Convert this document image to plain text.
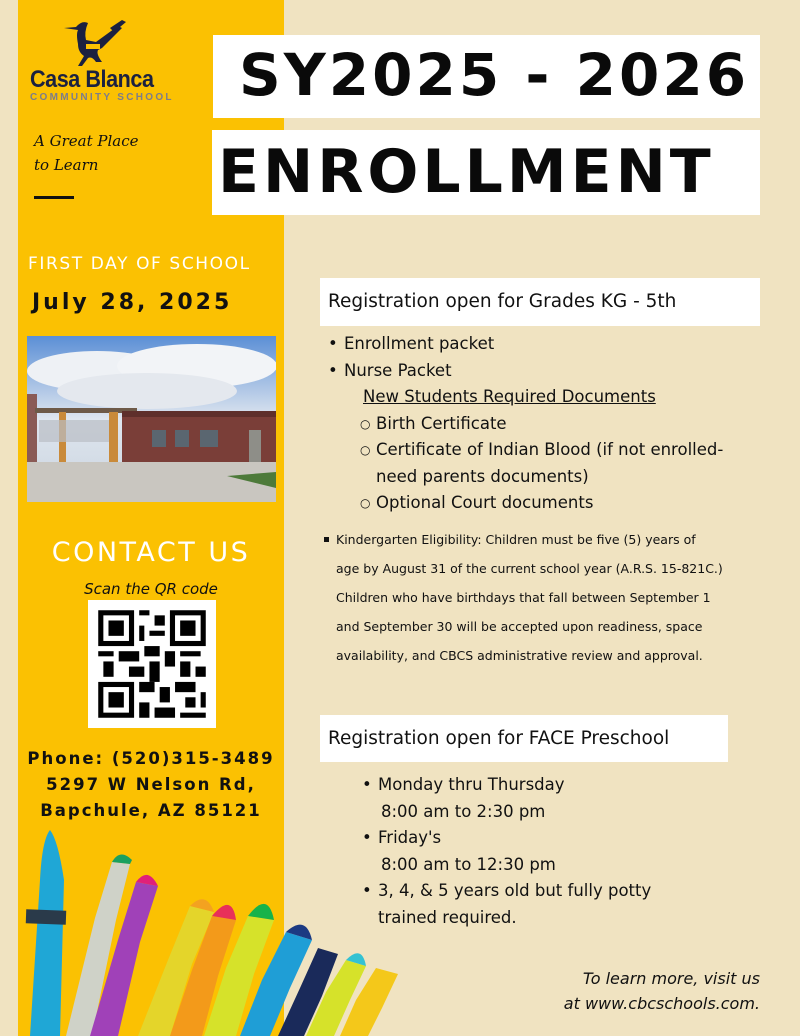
Casa Blanca
COMMUNITY SCHOOL
A Great Place
to Learn
FIRST DAY OF SCHOOL
July 28, 2025
CONTACT US
Scan the QR code
Phone: (520)315-3489
5297 W Nelson Rd,
Bapchule, AZ 85121
SY2025 - 2026
ENROLLMENT
Registration open for Grades KG - 5th
• Enrollment packet
• Nurse Packet
New Students Required Documents
○ Birth Certificate
○ Certificate of Indian Blood (if not enrolled-
need parents documents)
○ Optional Court documents
Kindergarten Eligibility: Children must be five (5) years of
age by August 31 of the current school year (A.R.S. 15-821C.)
Children who have birthdays that fall between September 1
and September 30 will be accepted upon readiness, space
availability, and CBCS administrative review and approval.
Registration open for FACE Preschool
• Monday thru Thursday
8:00 am to 2:30 pm
• Friday's
8:00 am to 12:30 pm
• 3, 4, & 5 years old but fully potty
trained required.
To learn more, visit us
at www.cbcschools.com.
